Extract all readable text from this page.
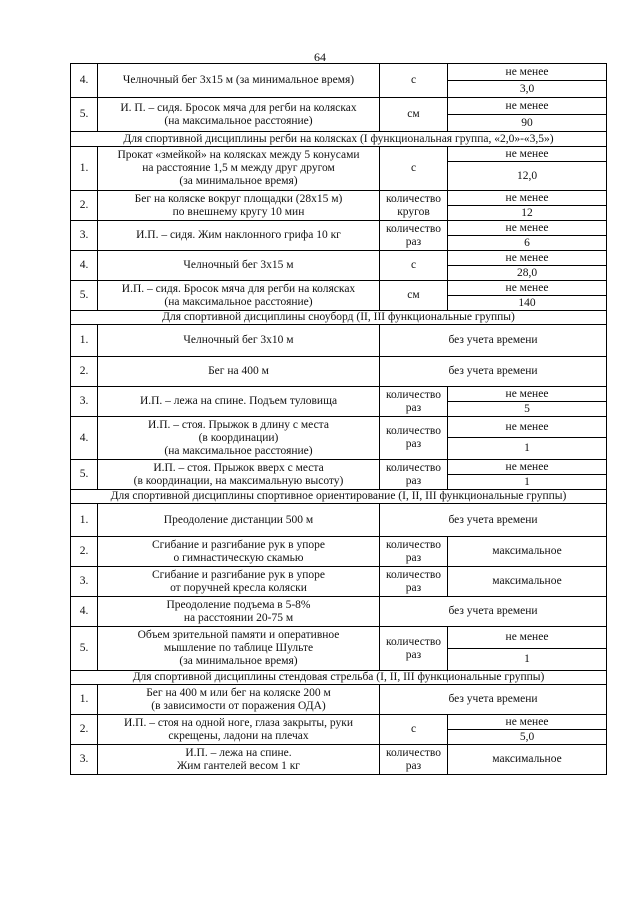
64
4.	Челночный бег 3х15 м (за минимальное время)	с	не менее
			3,0
5.	И. П. – сидя. Бросок мяча для регби на колясках
(на максимальное расстояние)	см	не менее
			90
Для спортивной дисциплины регби на колясках (I функциональная группа, «2,0»-«3,5»)			
1.	Прокат «змейкой» на колясках между 5 конусами
на расстояние 1,5 м между друг другом
(за минимальное время)	с	не менее
			12,0
2.	Бег на коляске вокруг площадки (28х15 м)
по внешнему кругу 10 мин	количество
кругов	не менее
			12
3.	И.П. – сидя. Жим наклонного грифа 10 кг	количество
раз	не менее
			6
4.	Челночный бег 3х15 м	с	не менее
			28,0
5.	И.П. – сидя. Бросок мяча для регби на колясках
(на максимальное расстояние)	см	не менее
			140
Для спортивной дисциплины сноуборд (II, III функциональные группы)			
1.	Челночный бег 3х10 м	без учета времени	
2.	Бег на 400 м	без учета времени	
3.	И.П. – лежа на спине. Подъем туловища	количество
раз	не менее
			5
4.	И.П. – стоя. Прыжок в длину с места
(в координации)
(на максимальное расстояние)	количество
раз	не менее
			1
5.	И.П. – стоя. Прыжок вверх с места
(в координации, на максимальную высоту)	количество
раз	не менее
			1
Для спортивной дисциплины спортивное ориентирование (I, II, III функциональные группы)			
1.	Преодоление дистанции 500 м	без учета времени	
2.	Сгибание и разгибание рук в упоре
о гимнастическую скамью	количество
раз	максимальное
3.	Сгибание и разгибание рук в упоре
от поручней кресла коляски	количество
раз	максимальное
4.	Преодоление подъема в 5-8%
на расстоянии 20-75 м	без учета времени	
5.	Объем зрительной памяти и оперативное
мышление по таблице Шульте
(за минимальное время)	количество
раз	не менее
			1
Для спортивной дисциплины стендовая стрельба (I, II, III функциональные группы)			
1.	Бег на 400 м или бег на коляске 200 м
(в зависимости от поражения ОДА)	без учета времени	
2.	И.П. – стоя на одной ноге, глаза закрыты, руки
скрещены, ладони на плечах	с	не менее
			5,0
3.	И.П. – лежа на спине.
Жим гантелей весом 1 кг	количество
раз	максимальное
